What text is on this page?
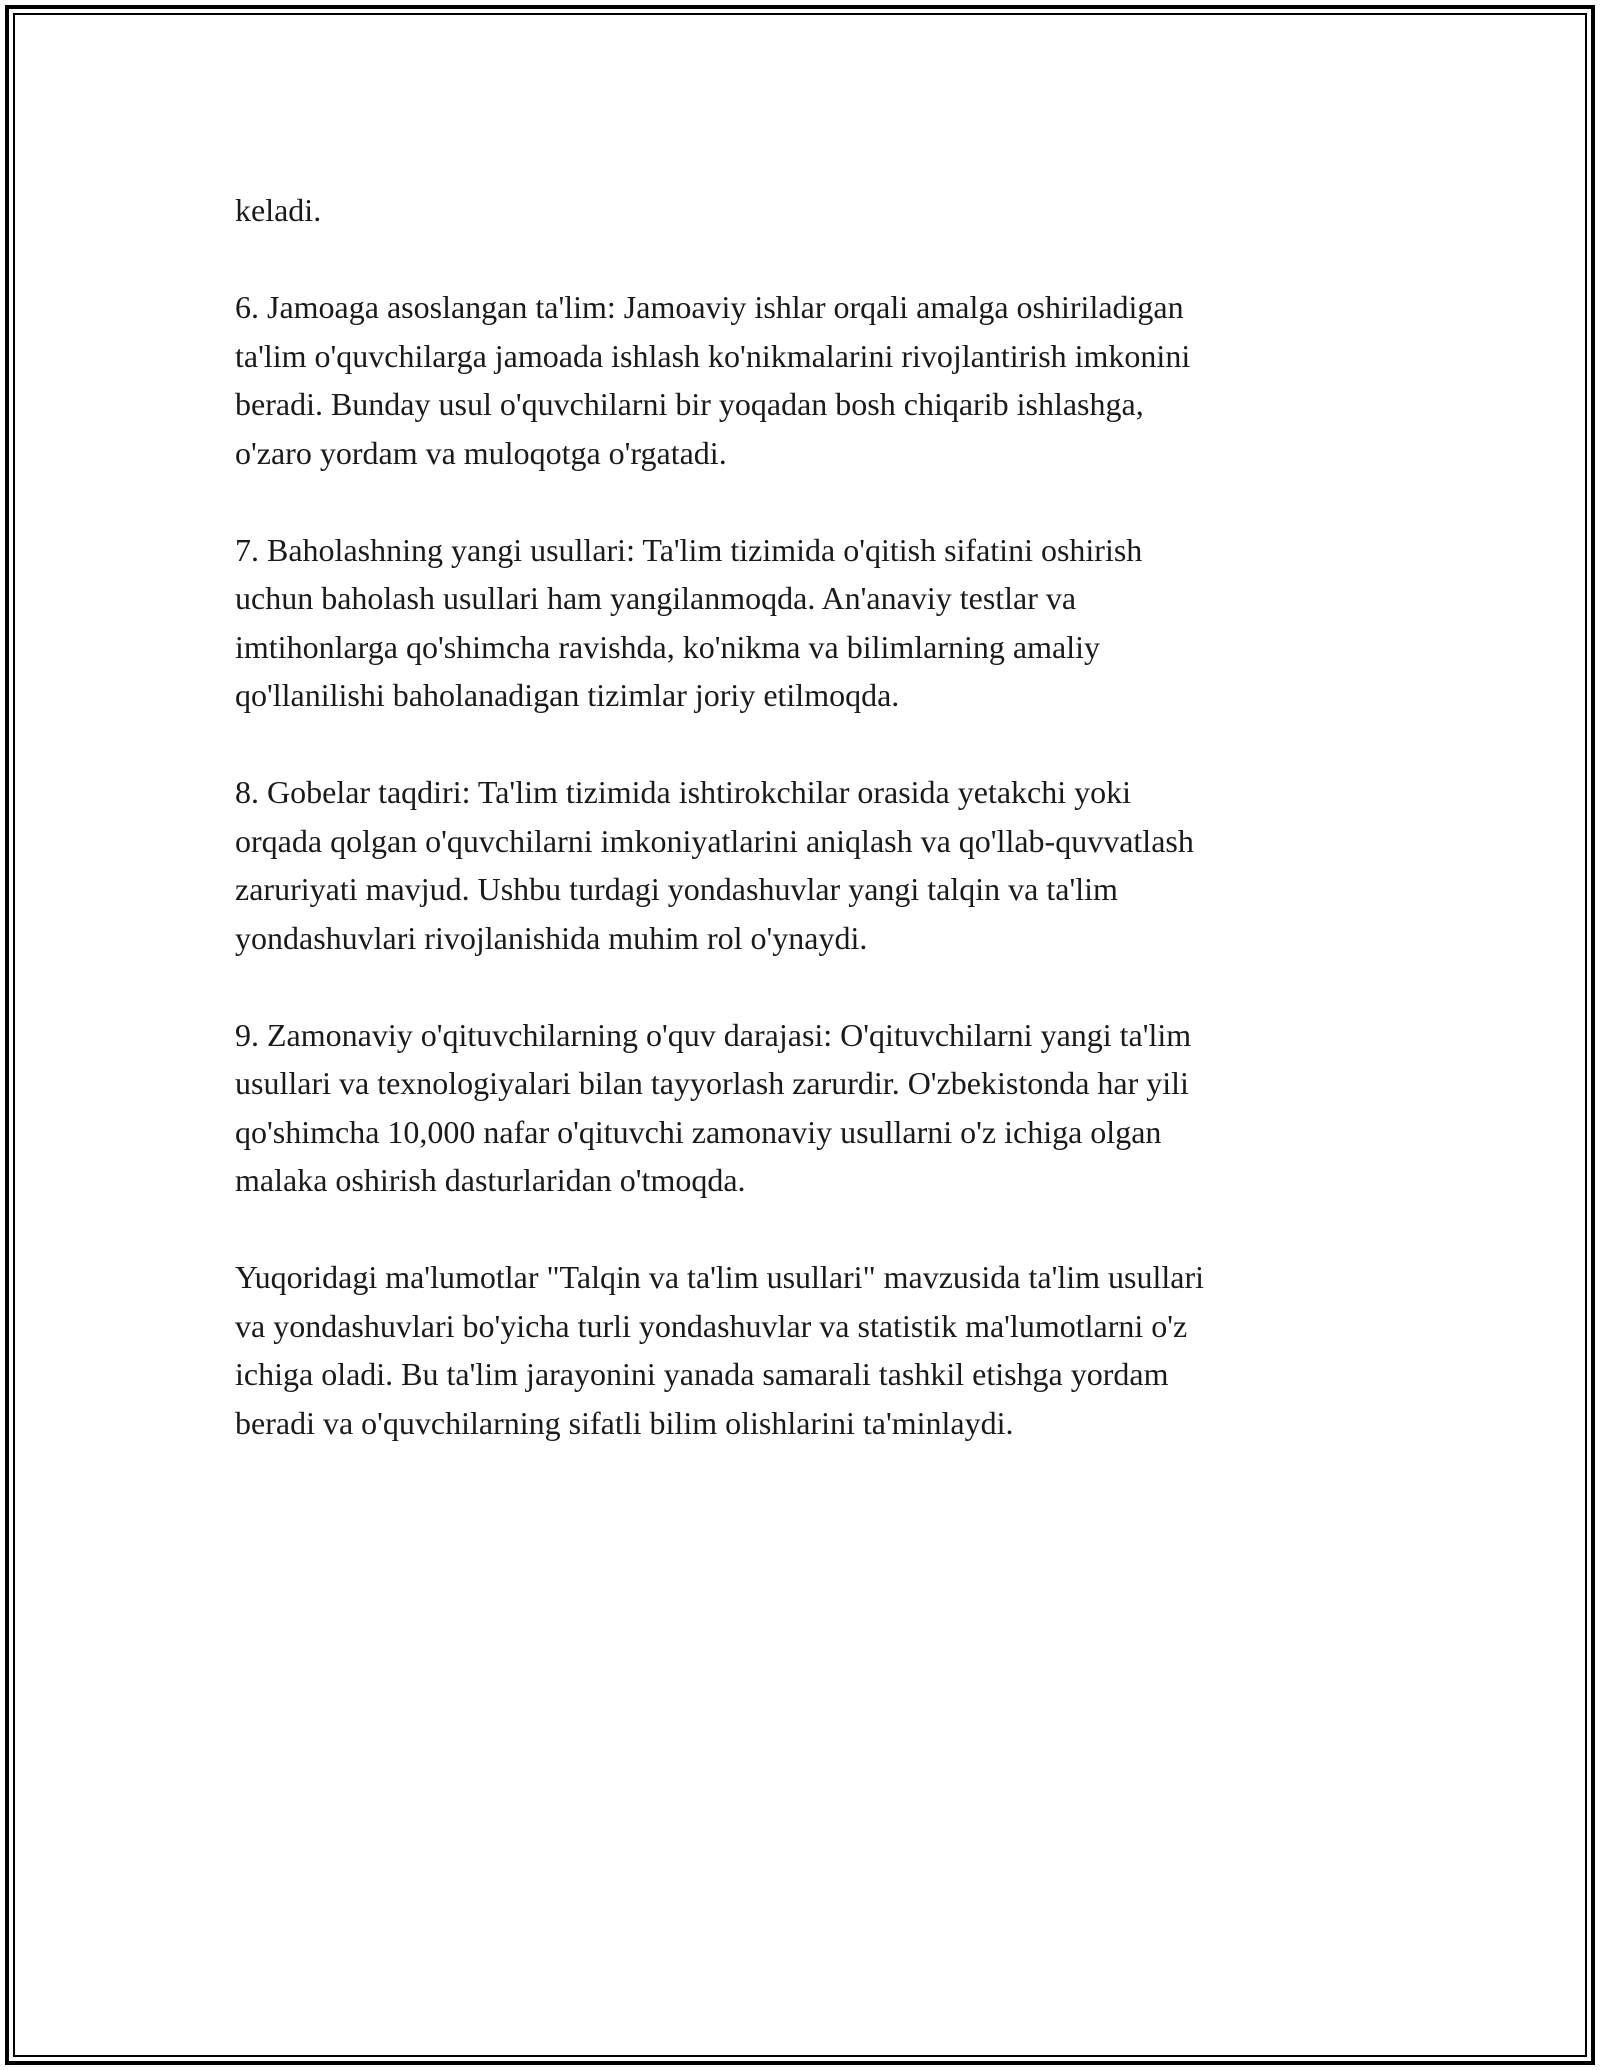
keladi.

6. Jamoaga asoslangan ta'lim: Jamoaviy ishlar orqali amalga oshiriladigan
ta'lim o'quvchilarga jamoada ishlash ko'nikmalarini rivojlantirish imkonini
beradi. Bunday usul o'quvchilarni bir yoqadan bosh chiqarib ishlashga,
o'zaro yordam va muloqotga o'rgatadi.

7. Baholashning yangi usullari: Ta'lim tizimida o'qitish sifatini oshirish
uchun baholash usullari ham yangilanmoqda. An'anaviy testlar va
imtihonlarga qo'shimcha ravishda, ko'nikma va bilimlarning amaliy
qo'llanilishi baholanadigan tizimlar joriy etilmoqda.

8. Gobelar taqdiri: Ta'lim tizimida ishtirokchilar orasida yetakchi yoki
orqada qolgan o'quvchilarni imkoniyatlarini aniqlash va qo'llab-quvvatlash
zaruriyati mavjud. Ushbu turdagi yondashuvlar yangi talqin va ta'lim
yondashuvlari rivojlanishida muhim rol o'ynaydi.

9. Zamonaviy o'qituvchilarning o'quv darajasi: O'qituvchilarni yangi ta'lim
usullari va texnologiyalari bilan tayyorlash zarurdir. O'zbekistonda har yili
qo'shimcha 10,000 nafar o'qituvchi zamonaviy usullarni o'z ichiga olgan
malaka oshirish dasturlaridan o'tmoqda.

Yuqoridagi ma'lumotlar "Talqin va ta'lim usullari" mavzusida ta'lim usullari
va yondashuvlari bo'yicha turli yondashuvlar va statistik ma'lumotlarni o'z
ichiga oladi. Bu ta'lim jarayonini yanada samarali tashkil etishga yordam
beradi va o'quvchilarning sifatli bilim olishlarini ta'minlaydi.
